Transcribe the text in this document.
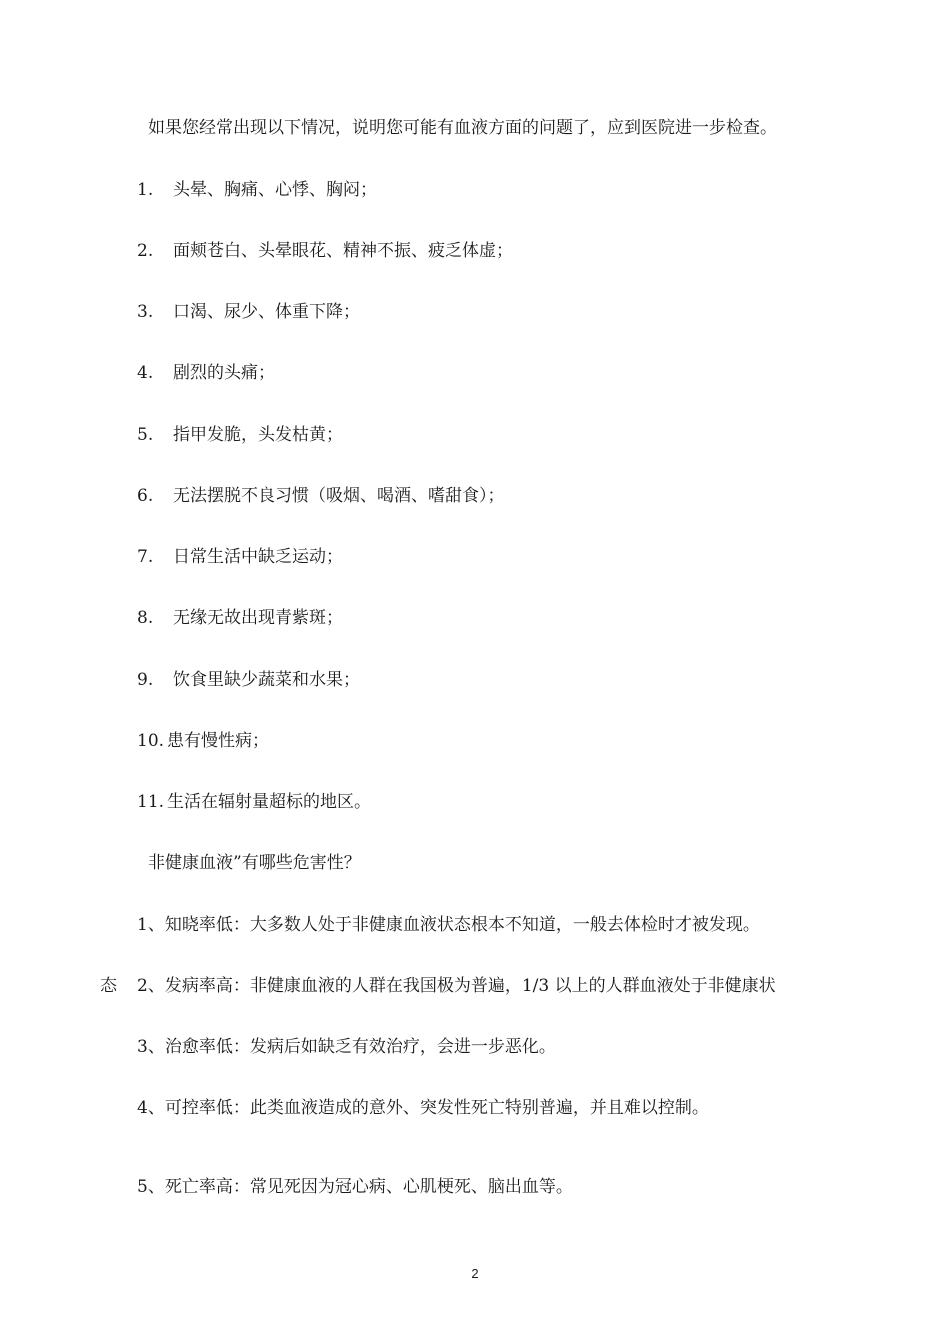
如果您经常出现以下情况，说明您可能有血液方面的问题了，应到医院进一步检查。
1. 头晕、胸痛、心悸、胸闷；
2. 面颊苍白、头晕眼花、精神不振、疲乏体虚；
3. 口渴、尿少、体重下降；
4. 剧烈的头痛；
5. 指甲发脆，头发枯黄；
6. 无法摆脱不良习惯（吸烟、喝酒、嗜甜食）；
7. 日常生活中缺乏运动；
8. 无缘无故出现青紫斑；
9. 饮食里缺少蔬菜和水果；
10. 患有慢性病；
11. 生活在辐射量超标的地区。
非健康血液”有哪些危害性？
1、知晓率低：大多数人处于非健康血液状态根本不知道，一般去体检时才被发现。
态 2、发病率高：非健康血液的人群在我国极为普遍，1/3 以上的人群血液处于非健康状
3、治愈率低：发病后如缺乏有效治疗，会进一步恶化。
4、可控率低：此类血液造成的意外、突发性死亡特别普遍，并且难以控制。
5、死亡率高：常见死因为冠心病、心肌梗死、脑出血等。
2
